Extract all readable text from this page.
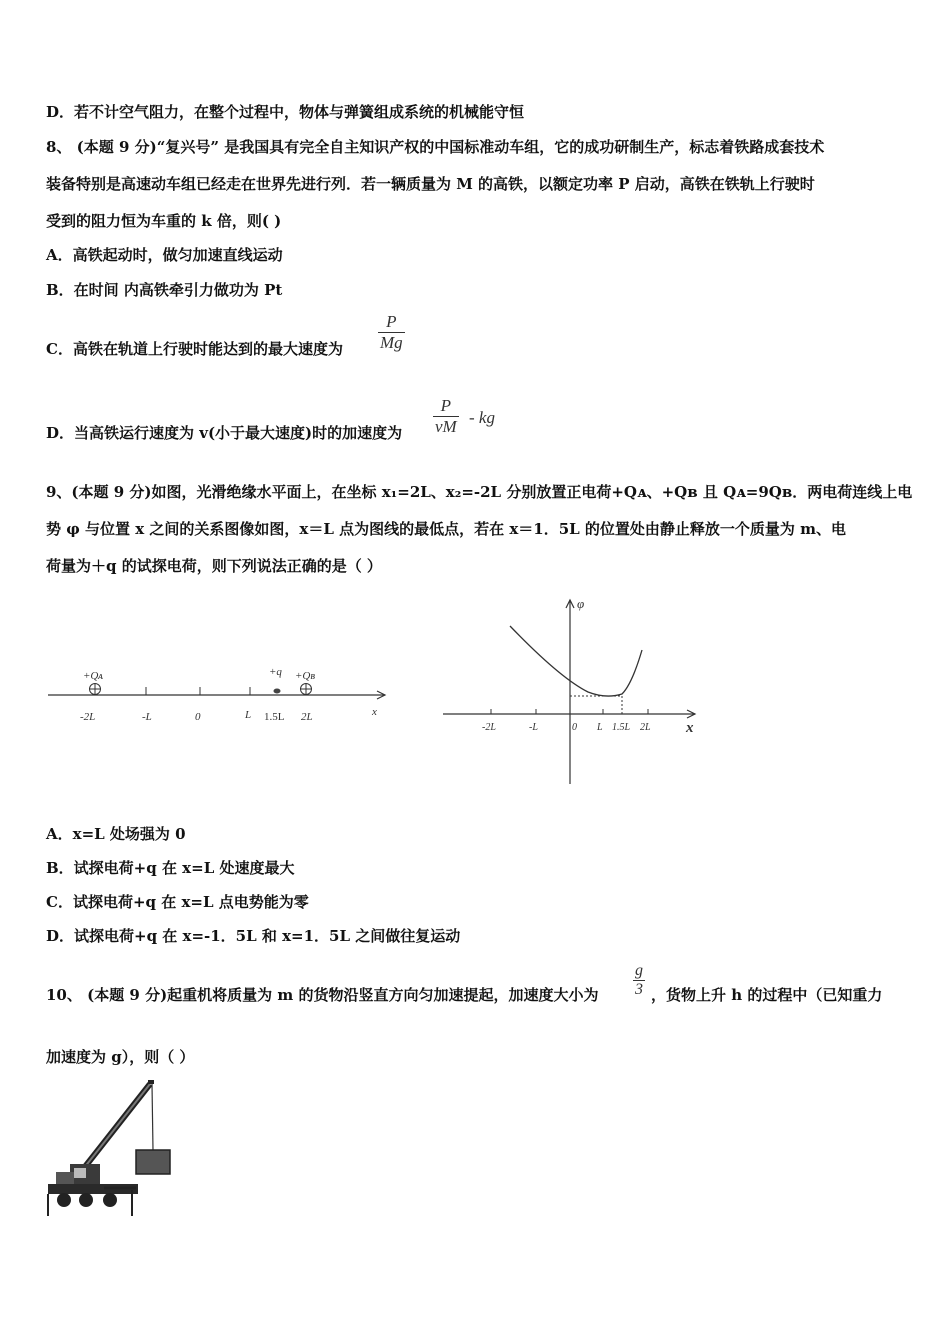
D．若不计空气阻力，在整个过程中，物体与弹簧组成系统的机械能守恒
8、 (本题 9 分)“复兴号” 是我国具有完全自主知识产权的中国标准动车组，它的成功研制生产，标志着铁路成套技术
装备特别是高速动车组已经走在世界先进行列．若一辆质量为 M 的高铁，以额定功率 P 启动，高铁在铁轨上行驶时
受到的阻力恒为车重的 k 倍，则( )
A．高铁起动时，做匀加速直线运动
B．在时间 内高铁牵引力做功为 Pt
C．高铁在轨道上行驶时能达到的最大速度为 $\frac{P}{Mg}$
D．当高铁运行速度为 v(小于最大速度)时的加速度为 $\frac{P}{vM}$ - kg
9、(本题 9 分)如图，光滑绝缘水平面上，在坐标 x₁=2L、x₂=-2L 分别放置正电荷+Qᴀ、+Qʙ 且 Qᴀ=9Qʙ．两电荷连线上电
势 φ 与位置 x 之间的关系图像如图，x＝L 点为图线的最低点，若在 x＝1．5L 的位置处由静止释放一个质量为 m、电
荷量为＋q 的试探电荷，则下列说法正确的是（ ）
+Qᴀ	+Qʙ
+q
-2L	-L	0	L 1.5L 2L	x
φ
x
-2L	-L	0 L 1.5L 2L
A．x=L 处场强为 0
B．试探电荷+q 在 x=L 处速度最大
C．试探电荷+q 在 x=L 点电势能为零
D．试探电荷+q 在 x=-1．5L 和 x=1．5L 之间做往复运动
10、 (本题 9 分)起重机将质量为 m 的货物沿竖直方向匀加速提起，加速度大小为 $\frac{g}{3}$ ，货物上升 h 的过程中（已知重力
加速度为 g），则（ ）
